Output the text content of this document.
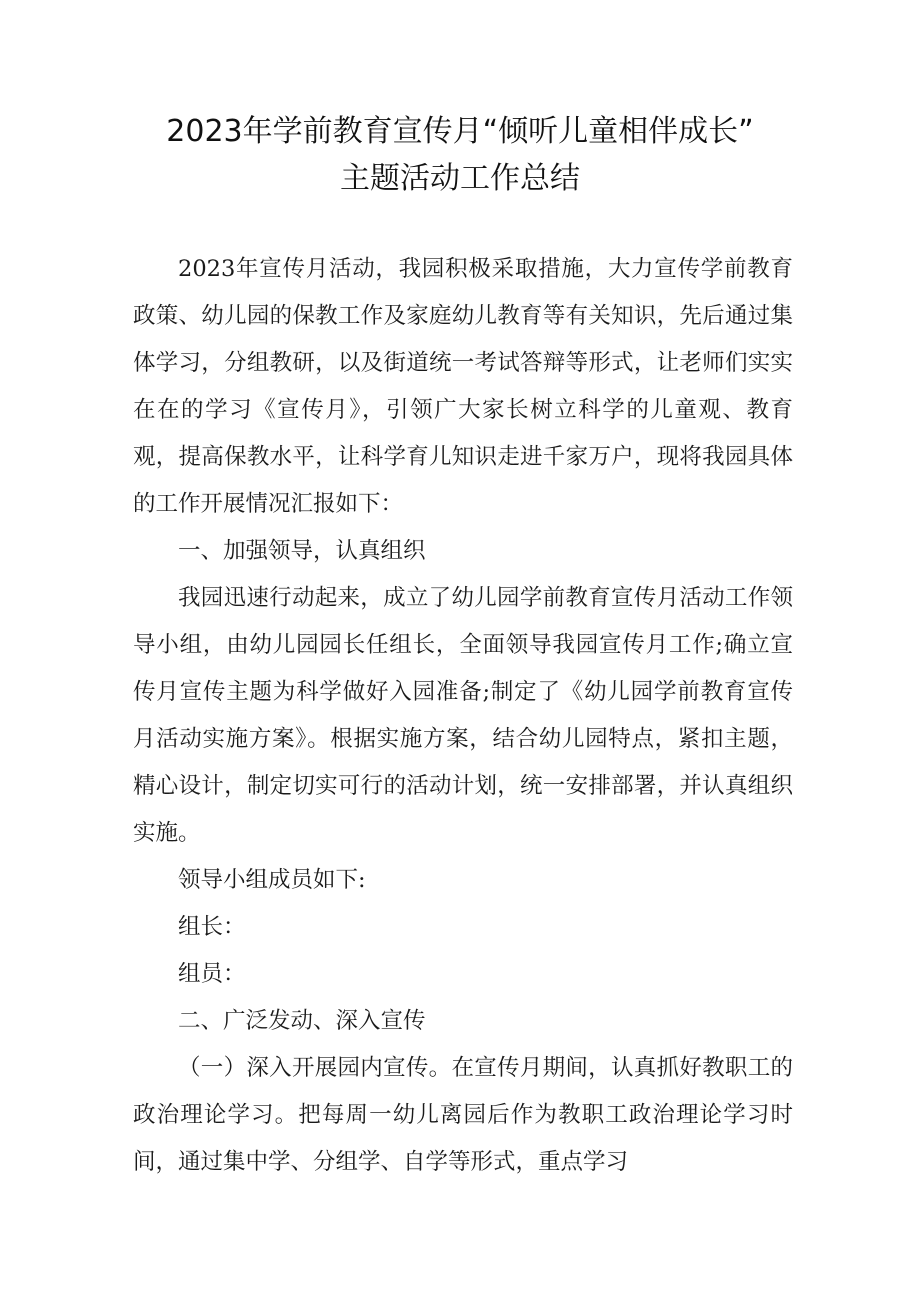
2023年学前教育宣传月“倾听儿童相伴成长”
主题活动工作总结

2023年宣传月活动，我园积极采取措施，大力宣传学前教育政策、幼儿园的保教工作及家庭幼儿教育等有关知识，先后通过集体学习，分组教研，以及街道统一考试答辩等形式，让老师们实实在在的学习《宣传月》，引领广大家长树立科学的儿童观、教育观，提高保教水平，让科学育儿知识走进千家万户，现将我园具体的工作开展情况汇报如下：

一、加强领导，认真组织

我园迅速行动起来，成立了幼儿园学前教育宣传月活动工作领导小组，由幼儿园园长任组长，全面领导我园宣传月工作;确立宣传月宣传主题为科学做好入园准备;制定了《幼儿园学前教育宣传月活动实施方案》。根据实施方案，结合幼儿园特点，紧扣主题，精心设计，制定切实可行的活动计划，统一安排部署，并认真组织实施。

领导小组成员如下:

组长：

组员：

二、广泛发动、深入宣传

（一）深入开展园内宣传。在宣传月期间，认真抓好教职工的政治理论学习。把每周一幼儿离园后作为教职工政治理论学习时间，通过集中学、分组学、自学等形式，重点学习
